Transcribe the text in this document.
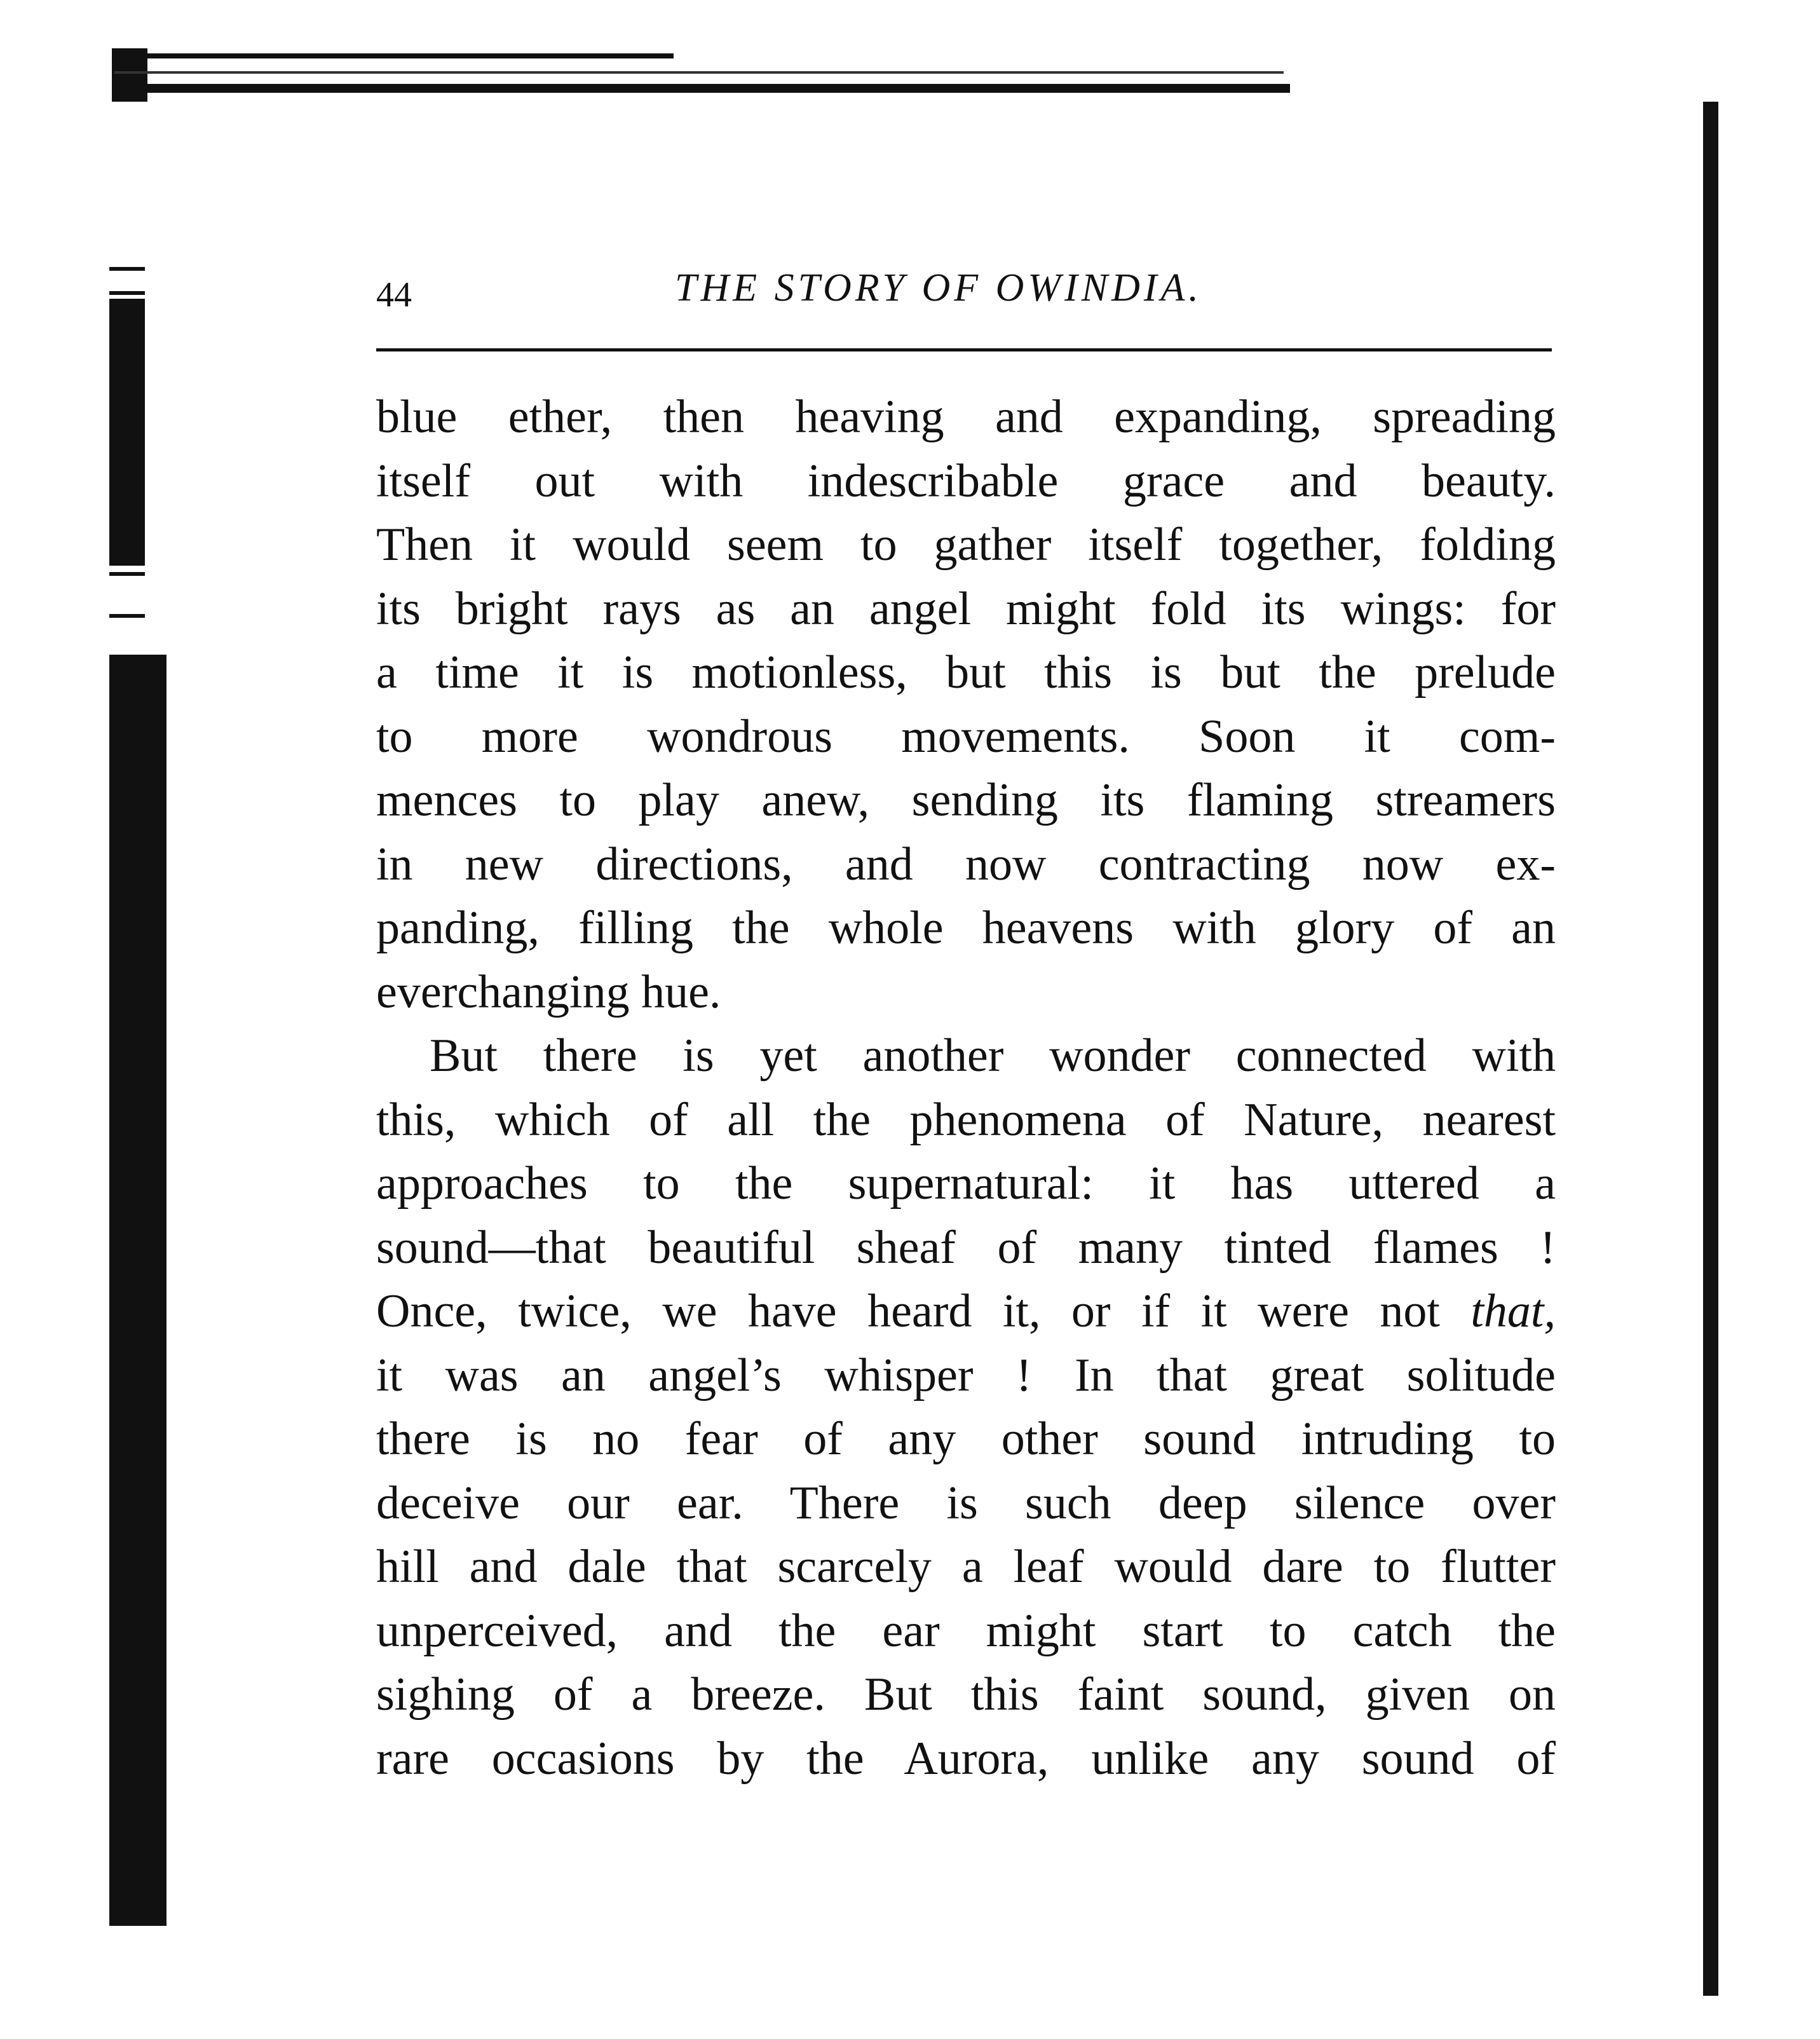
44	THE STORY OF OWINDIA.
blue ether, then heaving and expanding, spreading
itself out with indescribable grace and beauty.
Then it would seem to gather itself together, folding
its bright rays as an angel might fold its wings: for
a time it is motionless, but this is but the prelude
to more wondrous movements. Soon it com-
mences to play anew, sending its flaming streamers
in new directions, and now contracting now ex-
panding, filling the whole heavens with glory of an
everchanging hue.
But there is yet another wonder connected with
this, which of all the phenomena of Nature, nearest
approaches to the supernatural: it has uttered a
sound—that beautiful sheaf of many tinted flames !
Once, twice, we have heard it, or if it were not that,
it was an angel’s whisper ! In that great solitude
there is no fear of any other sound intruding to
deceive our ear. There is such deep silence over
hill and dale that scarcely a leaf would dare to flutter
unperceived, and the ear might start to catch the
sighing of a breeze. But this faint sound, given on
rare occasions by the Aurora, unlike any sound of
